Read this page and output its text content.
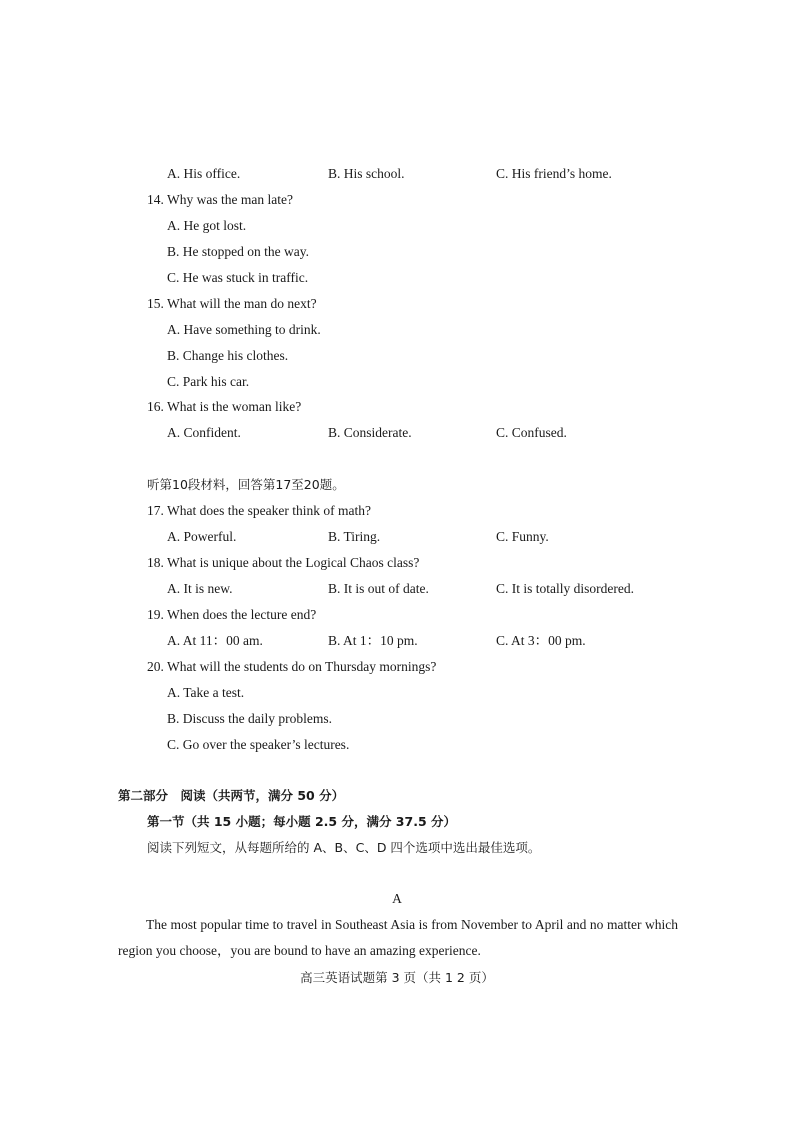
A. His office.	B. His school.	C. His friend’s home.
14. Why was the man late?
A. He got lost.
B. He stopped on the way.
C. He was stuck in traffic.
15. What will the man do next?
A. Have something to drink.
B. Change his clothes.
C. Park his car.
16. What is the woman like?
A. Confident.	B. Considerate.	C. Confused.
听第10段材料，回答第17至20题。
17. What does the speaker think of math?
A. Powerful.	B. Tiring.	C. Funny.
18. What is unique about the Logical Chaos class?
A. It is new.	B. It is out of date.	C. It is totally disordered.
19. When does the lecture end?
A. At 11：00 am.	B. At 1：10 pm.	C. At 3：00 pm.
20. What will the students do on Thursday mornings?
A. Take a test.
B. Discuss the daily problems.
C. Go over the speaker’s lectures.
第二部分　阅读（共两节，满分 50 分）
第一节（共 15 小题；每小题 2.5 分，满分 37.5 分）
阅读下列短文，从每题所给的 A、B、C、D 四个选项中选出最佳选项。
A
The most popular time to travel in Southeast Asia is from November to April and no matter which region you choose，you are bound to have an amazing experience.
高三英语试题第 3 页（共 1 2 页）
